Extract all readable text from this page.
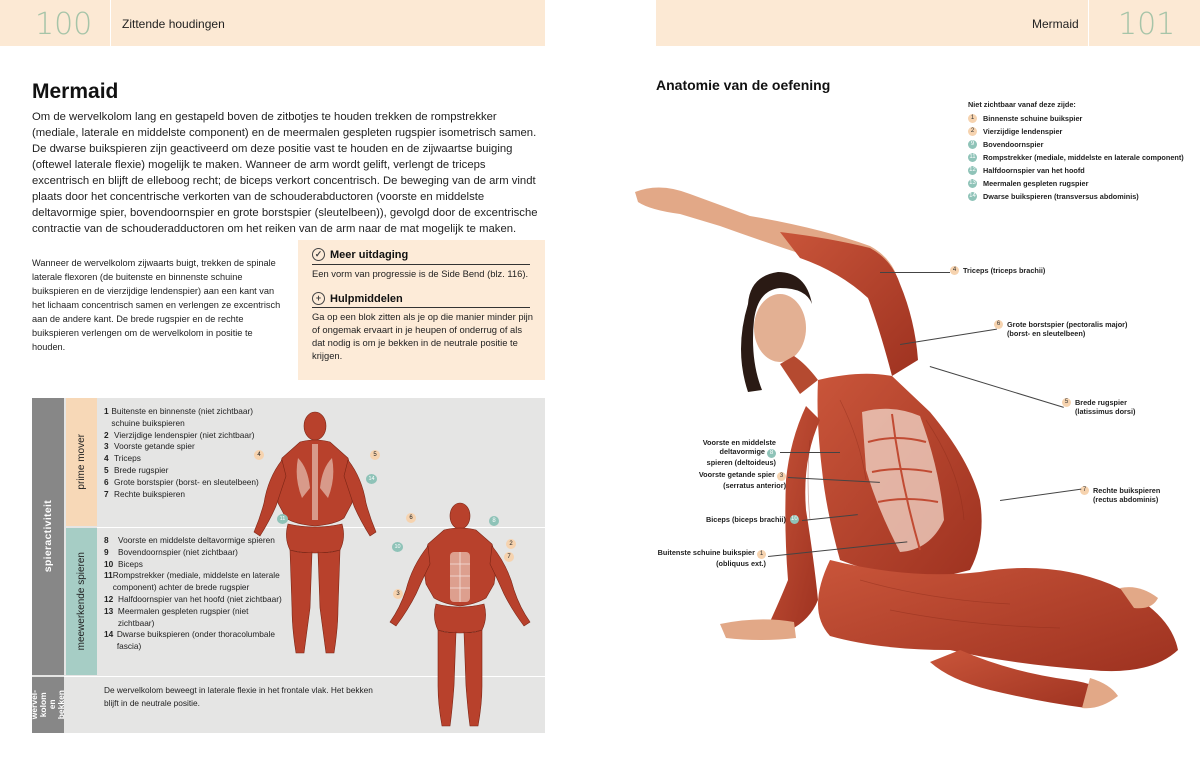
100 Zittende houdingen
Mermaid
Om de wervelkolom lang en gestapeld boven de zitbotjes te houden trekken de rompstrekker (mediale, laterale en middelste component) en de meermalen gespleten rugspier isometrisch samen. De dwarse buikspieren zijn geactiveerd om deze positie vast te houden en de zijwaartse buiging (oftewel laterale flexie) mogelijk te maken. Wanneer de arm wordt gelift, verlengt de triceps excentrisch en blijft de elleboog recht; de biceps verkort concentrisch. De beweging van de arm vindt plaats door het concentrische verkorten van de schouderabductoren (voorste en middelste deltavormige spier, bovendoornspier en grote borstspier (sleutelbeen)), gevolgd door de excentrische contractie van de schouderadductoren om het reiken van de arm naar de mat mogelijk te maken.
Wanneer de wervelkolom zijwaarts buigt, trekken de spinale laterale flexoren (de buitenste en binnenste schuine buikspieren en de vierzijdige lendenspier) aan een kant van het lichaam concentrisch samen en verlengen ze excentrisch aan de andere kant. De brede rugspier en de rechte buikspieren verlengen om de wervelkolom in positie te houden.
✓ Meer uitdaging
Een vorm van progressie is de Side Bend (blz. 116).
+ Hulpmiddelen
Ga op een blok zitten als je op die manier minder pijn of ongemak ervaart in je heupen of onderrug of als dat nodig is om je bekken in de neutrale positie te krijgen.
spieractiviteit
wervel-
kolom
en
bekken
prime mover
meewerkende spieren
1 Buitenste en binnenste (niet zichtbaar) schuine buikspieren
2 Vierzijdige lendenspier (niet zichtbaar)
3 Voorste getande spier
4 Triceps
5 Brede rugspier
6 Grote borstspier (borst- en sleutelbeen)
7 Rechte buikspieren
8	Voorste en middelste deltavormige spieren
9	Bovendoornspier (niet zichtbaar)
10 Biceps
11 Rompstrekker (mediale, middelste en laterale component) achter de brede rugspier
12 Halfdoornspier van het hoofd (niet zichtbaar)
13 Meermalen gespleten rugspier (niet zichtbaar)
14 Dwarse buikspieren (onder thoracolumbale fascia)
De wervelkolom beweegt in laterale flexie in het frontale vlak. Het bekken blijft in de neutrale positie.
4	5
14
11	6	8
10	2
7
3
Mermaid 101
Anatomie van de oefening
Niet zichtbaar vanaf deze zijde:
1	Binnenste schuine buikspier
2	Vierzijdige lendenspier
9	Bovendoornspier
11 Rompstrekker (mediale, middelste en laterale component)
12 Halfdoornspier van het hoofd
13 Meermalen gespleten rugspier
14 Dwarse buikspieren (transversus abdominis)
4 Triceps (triceps brachii)
6 Grote borstspier (pectoralis major)
(borst- en sleutelbeen)
5 Brede rugspier
(latissimus dorsi)
7 Rechte buikspieren
(rectus abdominis)
Voorste en middelste
deltavormige 8
spieren (deltoideus)
Voorste getande spier 3
(serratus anterior)
Biceps (biceps brachii) 10
Buitenste schuine buikspier 1
(obliquus ext.)
